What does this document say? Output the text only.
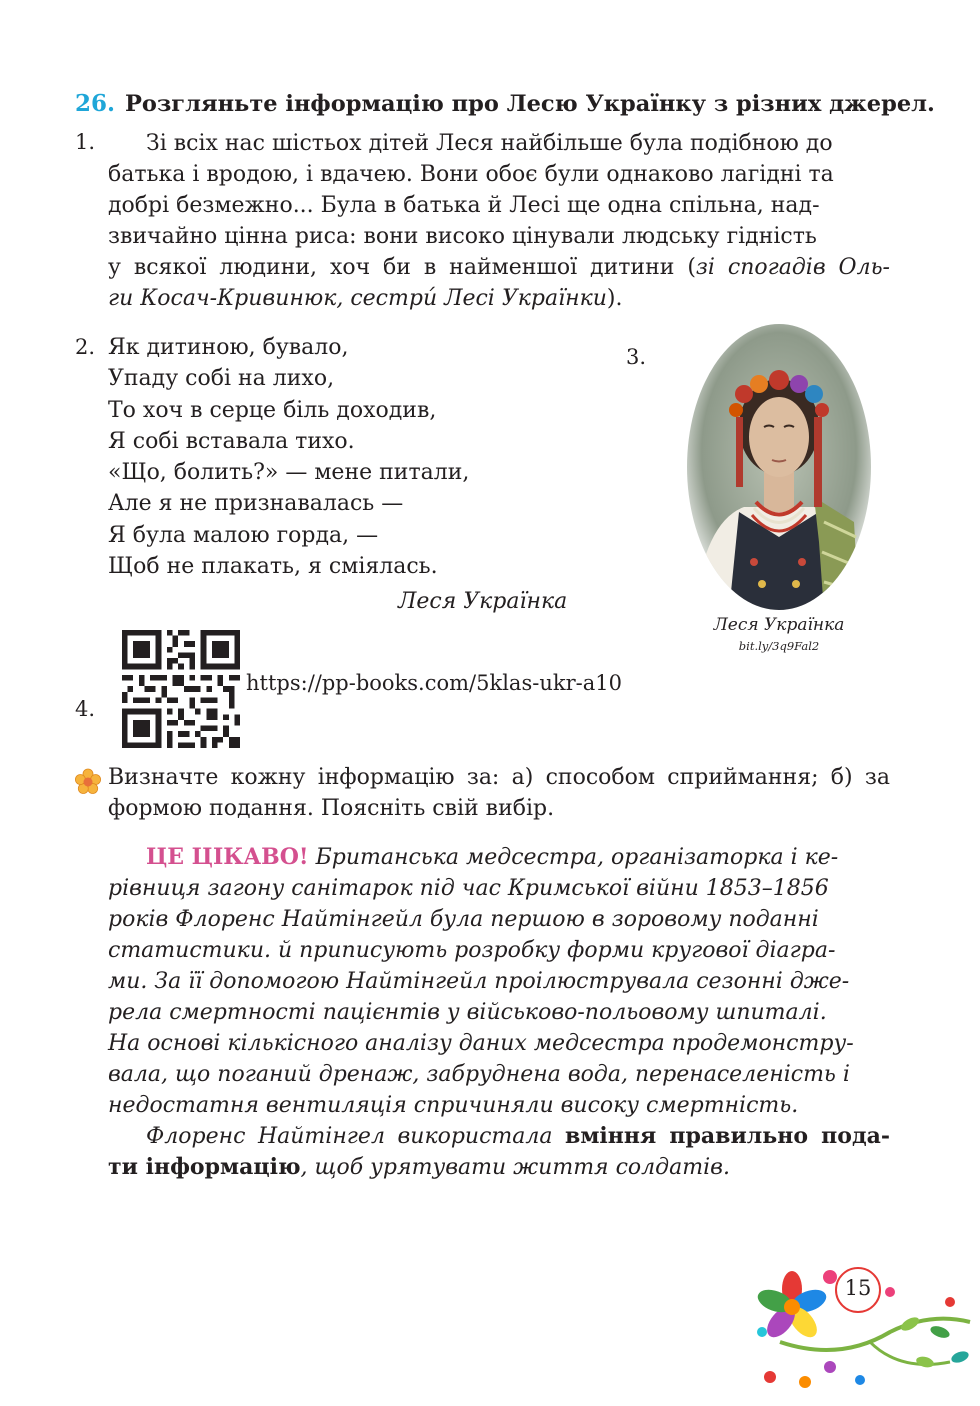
26. Розгляньте інформацію про Лесю Українку з різних джерел.
1.	Зі всіх нас шістьох дітей Леся найбільше була подібною до

батька і вродою, і вдачею. Вони обоє були однаково лагідні та

добрі безмежно... Була в батька й Лесі ще одна спільна, над-

звичайно цінна риса: вони високо цінували людську гідність

у всякої людини, хоч би в найменшої дитини (зі спогадів Оль-

ги Косач-Кривинюк, сестри́ Лесі Українки).

2. Як дитиною, бувало,
Упаду собі на лихо,
То хоч в серце біль доходив,
Я собі вставала тихо.
«Що, болить?» — мене питали,
Але я не признавалась —
Я була малою горда, —
Щоб не плакать, я сміялась.
Леся Українка
3.
Леся Українка
bit.ly/3q9Fal2
4.
https://pp-books.com/5klas-ukr-a10

Визначте кожну інформацію за: а) способом сприймання; б) за

формою подання. Поясніть свій вибір.

ЦЕ ЦІКАВО! Британська медсестра, організаторка і ке-

рівниця загону санітарок під час Кримської війни 1853–1856

років Флоренс Найтінгейл була першою в зоровому поданні

статистики. й приписують розробку форми кругової діагра-

ми. За її допомогою Найтінгейл проілюструвала сезонні дже-

рела смертності пацієнтів у військово-польовому шпиталі.

На основі кількісного аналізу даних медсестра продемонстру-

вала, що поганий дренаж, забруднена вода, перенаселеність і

недостатня вентиляція спричиняли високу смертність.

Флоренс Найтінгел використала вміння правильно пода-

ти інформацію, щоб урятувати життя солдатів.

15
